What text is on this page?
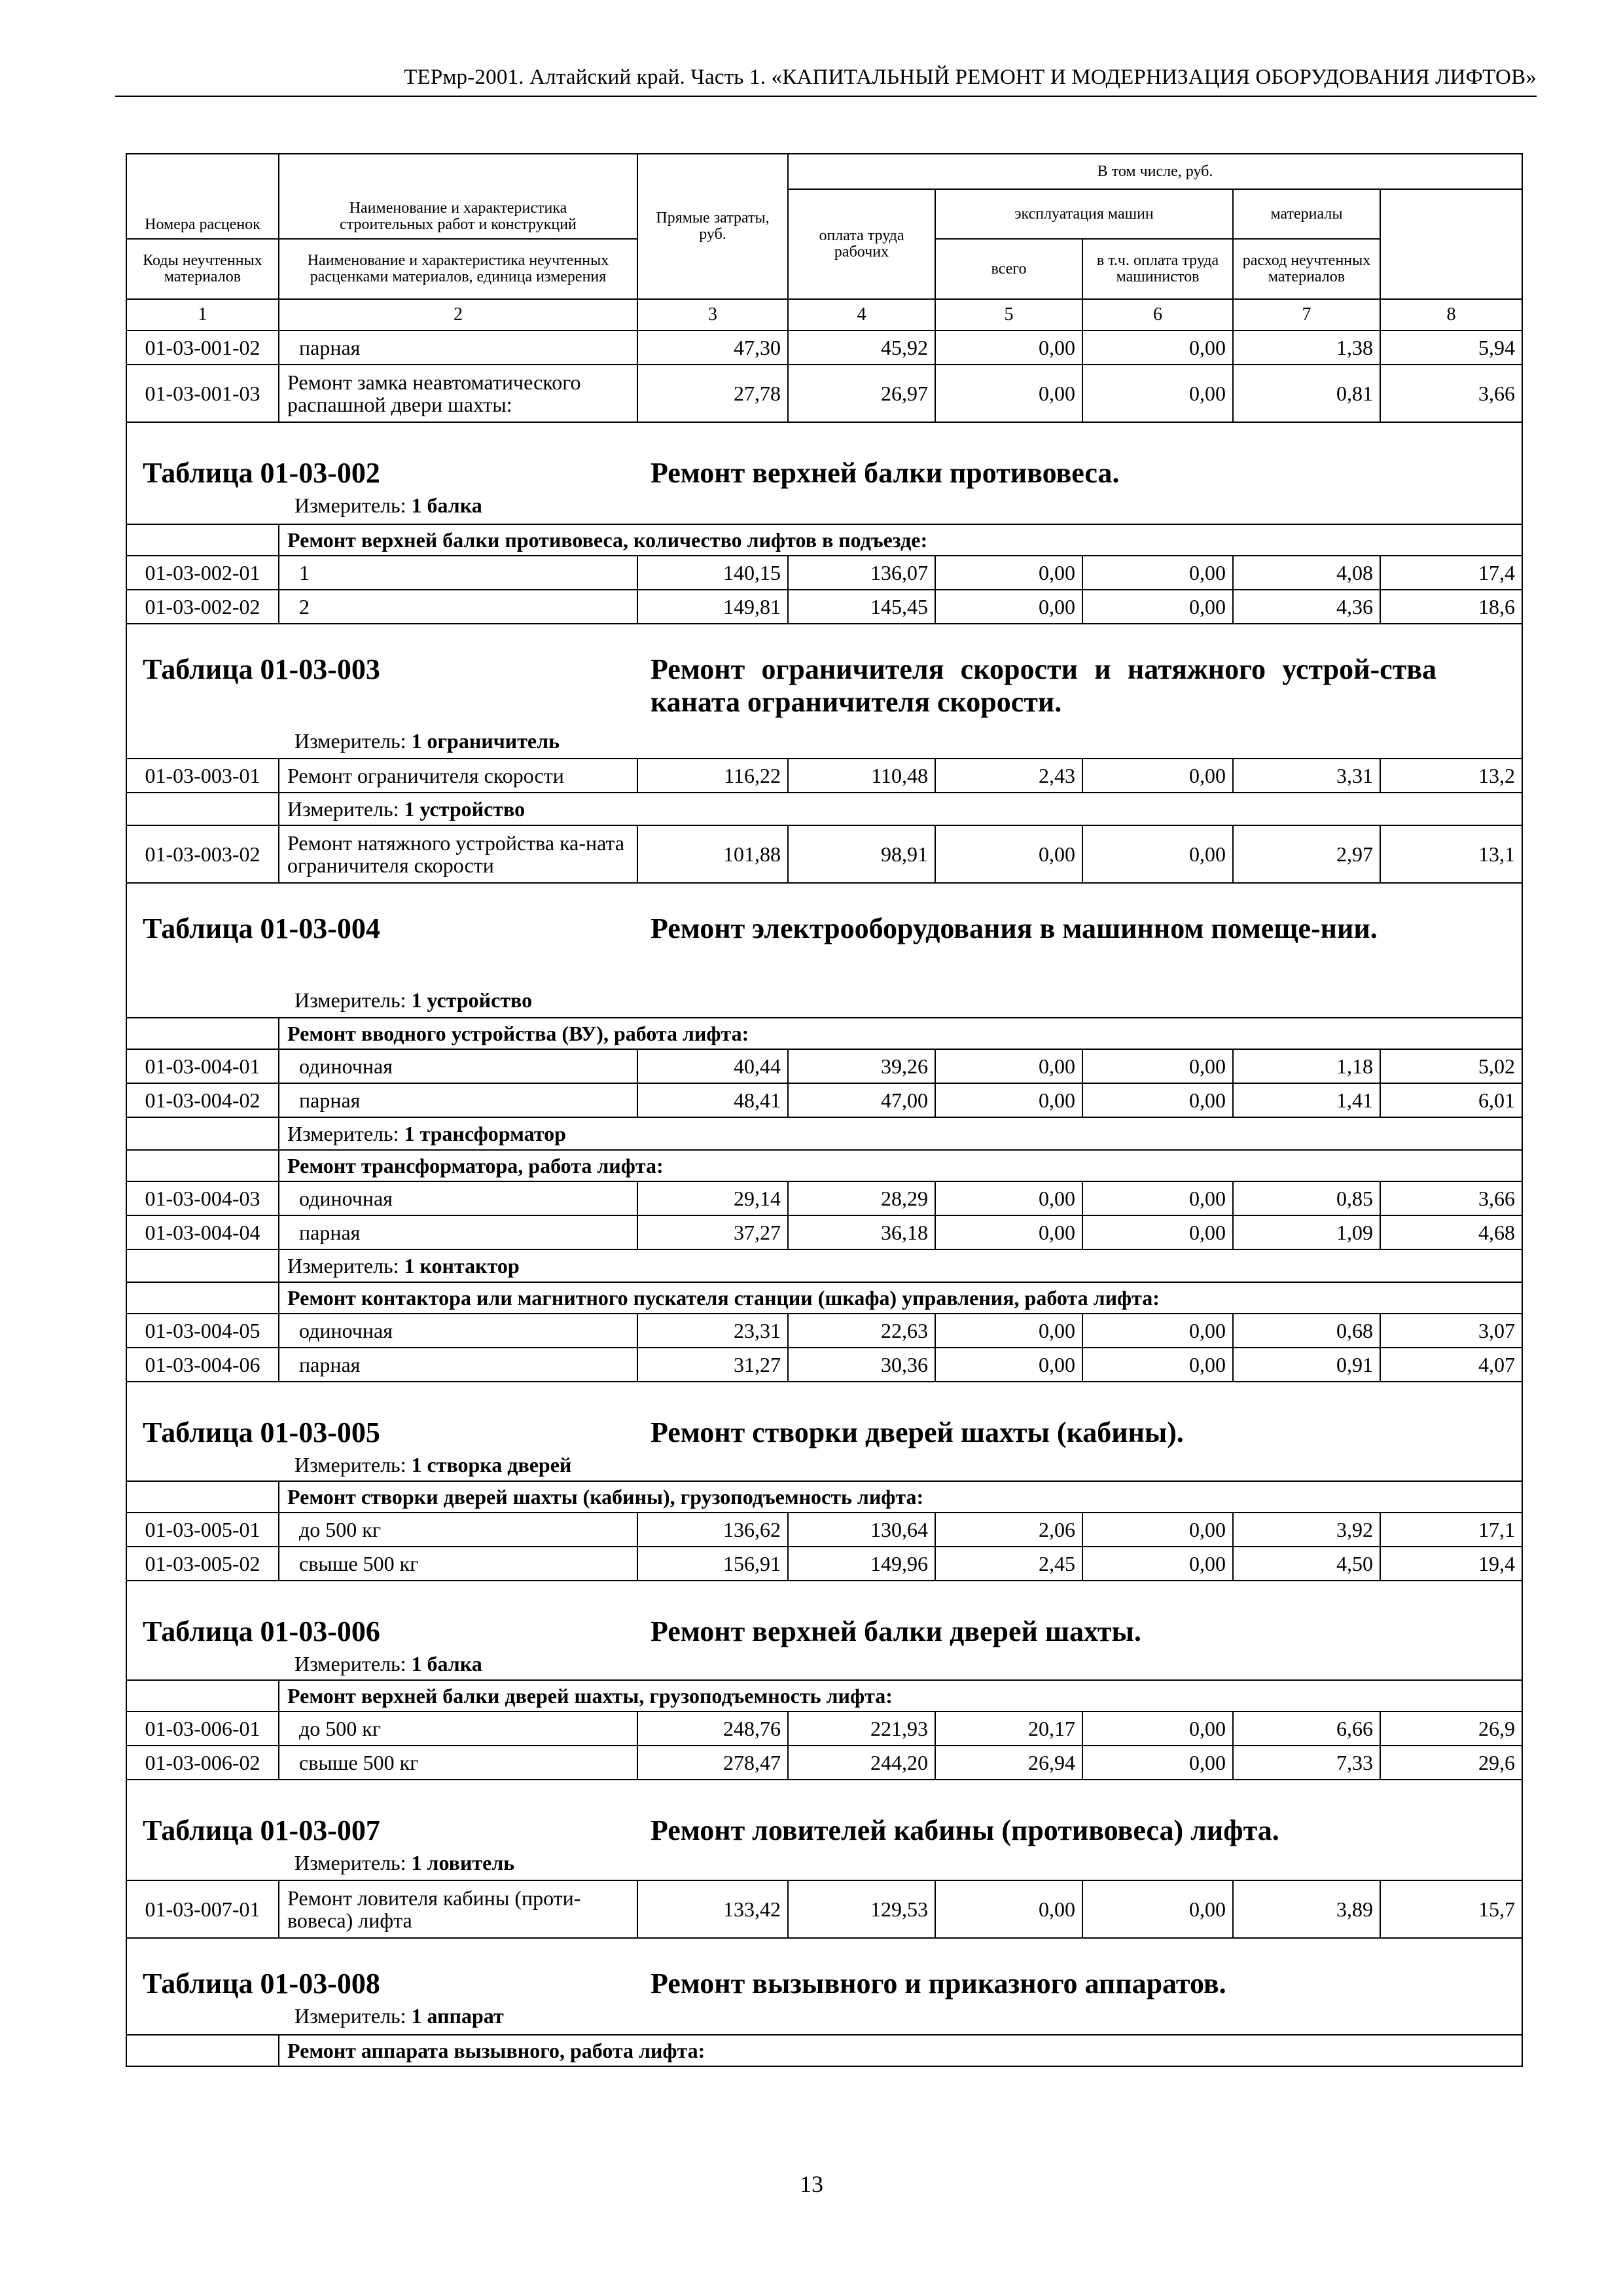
ТЕРмр-2001. Алтайский край. Часть 1. «КАПИТАЛЬНЫЙ РЕМОНТ И МОДЕРНИЗАЦИЯ ОБОРУДОВАНИЯ ЛИФТОВ»
Номера расценок	Наименование и характеристика строительных работ и конструкций	Прямые затраты, руб.	В том числе, руб.	
			оплата труда рабочих	эксплуатация машин		материалы		
Коды неучтенных материалов	Наименование и характеристика неучтенных расценками материалов, единица измерения			всего	в т.ч. оплата труда машинистов	расход неучтенных материалов		
1	2	3	4	5	6	7	8	
01-03-001-02	парная	47,30	45,92	0,00	0,00	1,38	5,94	
01-03-001-03	Ремонт замка неавтоматического распашной двери шахты:	27,78	26,97	0,00	0,00	0,81	3,66	

Таблица 01-03-002 Ремонт верхней балки противовеса.
Измеритель: 1 балка								

	Ремонт верхней балки противовеса, количество лифтов в подъезде:							
01-03-002-01	1	140,15	136,07	0,00	0,00	4,08	17,4	
01-03-002-02	2	149,81	145,45	0,00	0,00	4,36	18,6	

Таблица 01-03-003 Ремонт ограничителя скорости и натяжного устрой-ства каната ограничителя скорости.
Измеритель: 1 ограничитель								

01-03-003-01	Ремонт ограничителя скорости	116,22	110,48	2,43	0,00	3,31	13,2	
	Измеритель: 1 устройство							
01-03-003-02	Ремонт натяжного устройства ка-ната ограничителя скорости	101,88	98,91	0,00	0,00	2,97	13,1	

Таблица 01-03-004 Ремонт электрооборудования в машинном помеще-нии.
Измеритель: 1 устройство								

	Ремонт вводного устройства (ВУ), работа лифта:							
01-03-004-01	одиночная	40,44	39,26	0,00	0,00	1,18	5,02	
01-03-004-02	парная	48,41	47,00	0,00	0,00	1,41	6,01	
	Измеритель: 1 трансформатор							
	Ремонт трансформатора, работа лифта:							
01-03-004-03	одиночная	29,14	28,29	0,00	0,00	0,85	3,66	
01-03-004-04	парная	37,27	36,18	0,00	0,00	1,09	4,68	
	Измеритель: 1 контактор							
	Ремонт контактора или магнитного пускателя станции (шкафа) управления, работа лифта:							
01-03-004-05	одиночная	23,31	22,63	0,00	0,00	0,68	3,07	
01-03-004-06	парная	31,27	30,36	0,00	0,00	0,91	4,07	

Таблица 01-03-005 Ремонт створки дверей шахты (кабины).
Измеритель: 1 створка дверей								

	Ремонт створки дверей шахты (кабины), грузоподъемность лифта:							
01-03-005-01	до 500 кг	136,62	130,64	2,06	0,00	3,92	17,1	
01-03-005-02	свыше 500 кг	156,91	149,96	2,45	0,00	4,50	19,4	

Таблица 01-03-006 Ремонт верхней балки дверей шахты.
Измеритель: 1 балка								

	Ремонт верхней балки дверей шахты, грузоподъемность лифта:							
01-03-006-01	до 500 кг	248,76	221,93	20,17	0,00	6,66	26,9	
01-03-006-02	свыше 500 кг	278,47	244,20	26,94	0,00	7,33	29,6	

Таблица 01-03-007 Ремонт ловителей кабины (противовеса) лифта.
Измеритель: 1 ловитель								

01-03-007-01	Ремонт ловителя кабины (проти-вовеса) лифта	133,42	129,53	0,00	0,00	3,89	15,7	

Таблица 01-03-008 Ремонт вызывного и приказного аппаратов.
Измеритель: 1 аппарат								

	Ремонт аппарата вызывного, работа лифта:							
13
